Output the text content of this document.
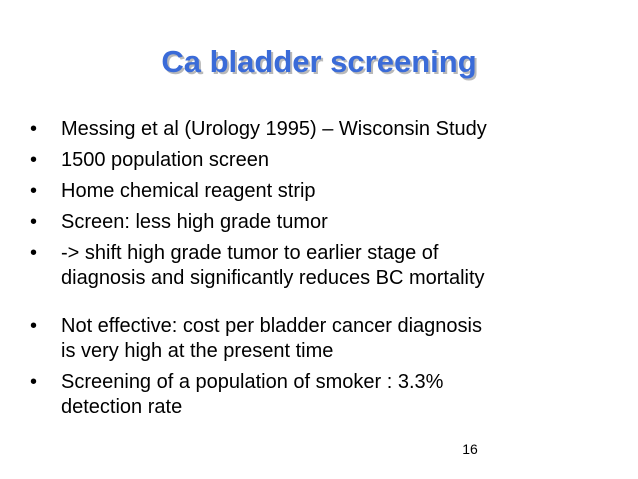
Ca bladder screening
•	Messing et al (Urology 1995) – Wisconsin Study
•	1500 population screen
•	Home chemical reagent strip
•	Screen: less high grade tumor
•	-> shift high grade tumor to earlier stage of
diagnosis and significantly reduces BC mortality
•	Not effective: cost per bladder cancer diagnosis
is very high at the present time
•	Screening of a population of smoker : 3.3%
detection rate
16
